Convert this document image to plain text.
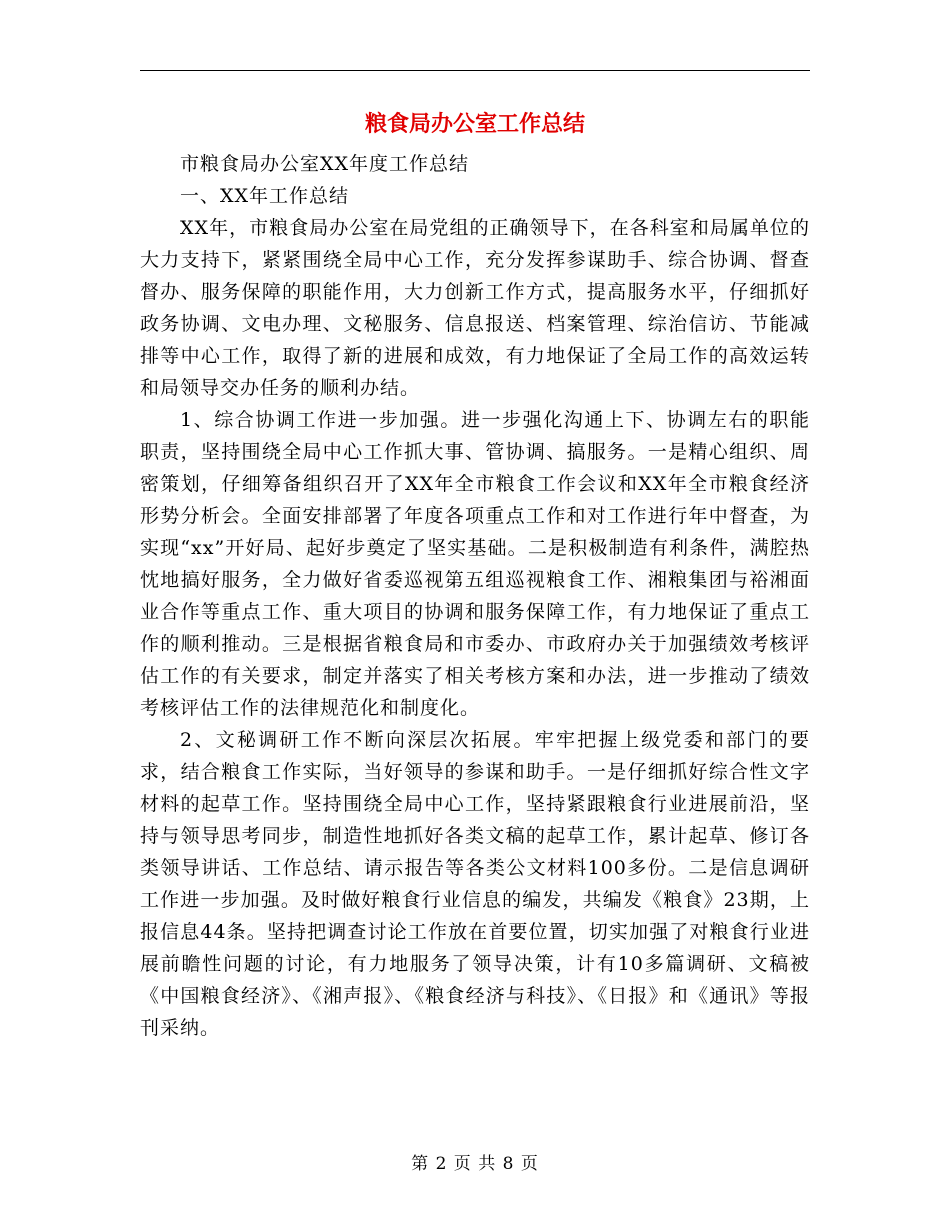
粮食局办公室工作总结

市粮食局办公室XX年度工作总结

一、XX年工作总结

XX年，市粮食局办公室在局党组的正确领导下，在各科室和局属单位的大力支持下，紧紧围绕全局中心工作，充分发挥参谋助手、综合协调、督查督办、服务保障的职能作用，大力创新工作方式，提高服务水平，仔细抓好政务协调、文电办理、文秘服务、信息报送、档案管理、综治信访、节能减排等中心工作，取得了新的进展和成效，有力地保证了全局工作的高效运转和局领导交办任务的顺利办结。

1、综合协调工作进一步加强。进一步强化沟通上下、协调左右的职能职责，坚持围绕全局中心工作抓大事、管协调、搞服务。一是精心组织、周密策划，仔细筹备组织召开了XX年全市粮食工作会议和XX年全市粮食经济形势分析会。全面安排部署了年度各项重点工作和对工作进行年中督查，为实现“xx”开好局、起好步奠定了坚实基础。二是积极制造有利条件，满腔热忱地搞好服务，全力做好省委巡视第五组巡视粮食工作、湘粮集团与裕湘面业合作等重点工作、重大项目的协调和服务保障工作，有力地保证了重点工作的顺利推动。三是根据省粮食局和市委办、市政府办关于加强绩效考核评估工作的有关要求，制定并落实了相关考核方案和办法，进一步推动了绩效考核评估工作的法律规范化和制度化。

2、文秘调研工作不断向深层次拓展。牢牢把握上级党委和部门的要求，结合粮食工作实际，当好领导的参谋和助手。一是仔细抓好综合性文字材料的起草工作。坚持围绕全局中心工作，坚持紧跟粮食行业进展前沿，坚持与领导思考同步，制造性地抓好各类文稿的起草工作，累计起草、修订各类领导讲话、工作总结、请示报告等各类公文材料100多份。二是信息调研工作进一步加强。及时做好粮食行业信息的编发，共编发《粮食》23期，上报信息44条。坚持把调查讨论工作放在首要位置，切实加强了对粮食行业进展前瞻性问题的讨论，有力地服务了领导决策，计有10多篇调研、文稿被《中国粮食经济》、《湘声报》、《粮食经济与科技》、《日报》和《通讯》等报刊采纳。

第 2 页 共 8 页
